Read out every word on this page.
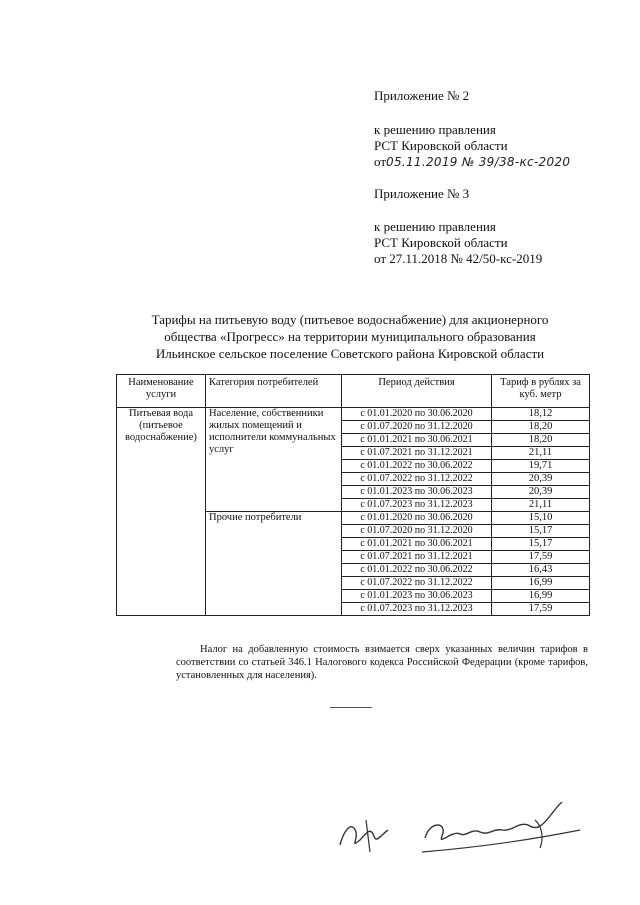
Приложение № 2
к решению правления
РСТ Кировской области
от05.11.2019 № 39/38-кс-2020
Приложение № 3
к решению правления
РСТ Кировской области
от 27.11.2018 № 42/50-кс-2019
Тарифы на питьевую воду (питьевое водоснабжение) для акционерного
общества «Прогресс» на территории муниципального образования
Ильинское сельское поселение Советского района Кировской области
Наименование услуги	Категория потребителей	Период действия	Тариф в рублях за куб. метр
Питьевая вода (питьевое водоснабжение)	Население, собственники жилых помещений и исполнители коммунальных услуг	с 01.01.2020 по 30.06.2020	18,12
		с 01.07.2020 по 31.12.2020	18,20
		с 01.01.2021 по 30.06.2021	18,20
		с 01.07.2021 по 31.12.2021	21,11
		с 01.01.2022 по 30.06.2022	19,71
		с 01.07.2022 по 31.12.2022	20,39
		с 01.01.2023 по 30.06.2023	20,39
		с 01.07.2023 по 31.12.2023	21,11
	Прочие потребители	с 01.01.2020 по 30.06.2020	15,10
		с 01.07.2020 по 31.12.2020	15,17
		с 01.01.2021 по 30.06.2021	15,17
		с 01.07.2021 по 31.12.2021	17,59
		с 01.01.2022 по 30.06.2022	16,43
		с 01.07.2022 по 31.12.2022	16,99
		с 01.01.2023 по 30.06.2023	16,99
		с 01.07.2023 по 31.12.2023	17,59
Налог на добавленную стоимость взимается сверх указанных величин тарифов в соответствии со статьей 346.1 Налогового кодекса Российской Федерации (кроме тарифов, установленных для населения).
